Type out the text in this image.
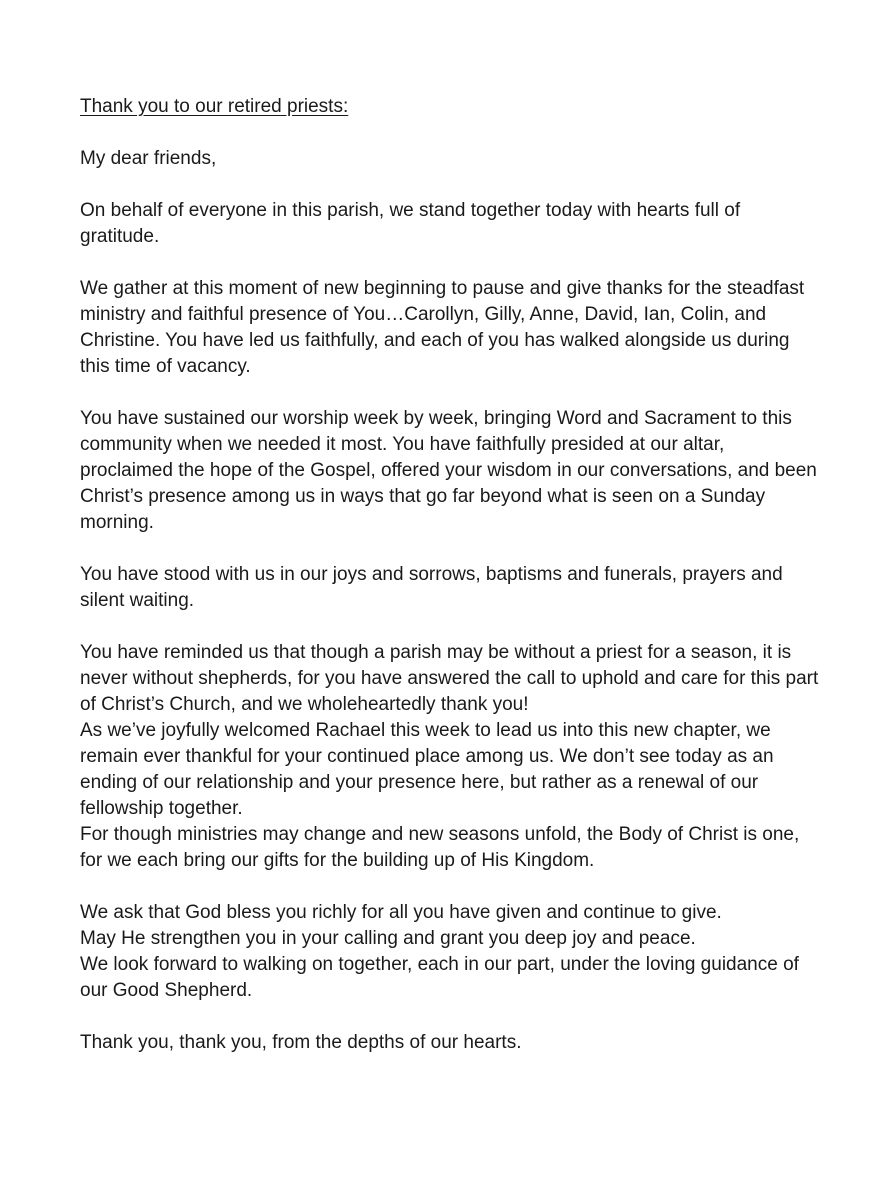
Thank you to our retired priests:

My dear friends,

On behalf of everyone in this parish, we stand together today with hearts full of gratitude.

We gather at this moment of new beginning to pause and give thanks for the steadfast ministry and faithful presence of You…Carollyn, Gilly, Anne, David, Ian, Colin, and Christine. You have led us faithfully, and each of you has walked alongside us during this time of vacancy.

You have sustained our worship week by week, bringing Word and Sacrament to this community when we needed it most. You have faithfully presided at our altar, proclaimed the hope of the Gospel, offered your wisdom in our conversations, and been Christ’s presence among us in ways that go far beyond what is seen on a Sunday morning.

You have stood with us in our joys and sorrows, baptisms and funerals, prayers and silent waiting.

You have reminded us that though a parish may be without a priest for a season, it is never without shepherds, for you have answered the call to uphold and care for this part of Christ’s Church, and we wholeheartedly thank you!

As we’ve joyfully welcomed Rachael this week to lead us into this new chapter, we remain ever thankful for your continued place among us. We don’t see today as an ending of our relationship and your presence here, but rather as a renewal of our fellowship together.

For though ministries may change and new seasons unfold, the Body of Christ is one, for we each bring our gifts for the building up of His Kingdom.

We ask that God bless you richly for all you have given and continue to give.

May He strengthen you in your calling and grant you deep joy and peace.

We look forward to walking on together, each in our part, under the loving guidance of our Good Shepherd.

Thank you, thank you, from the depths of our hearts.
